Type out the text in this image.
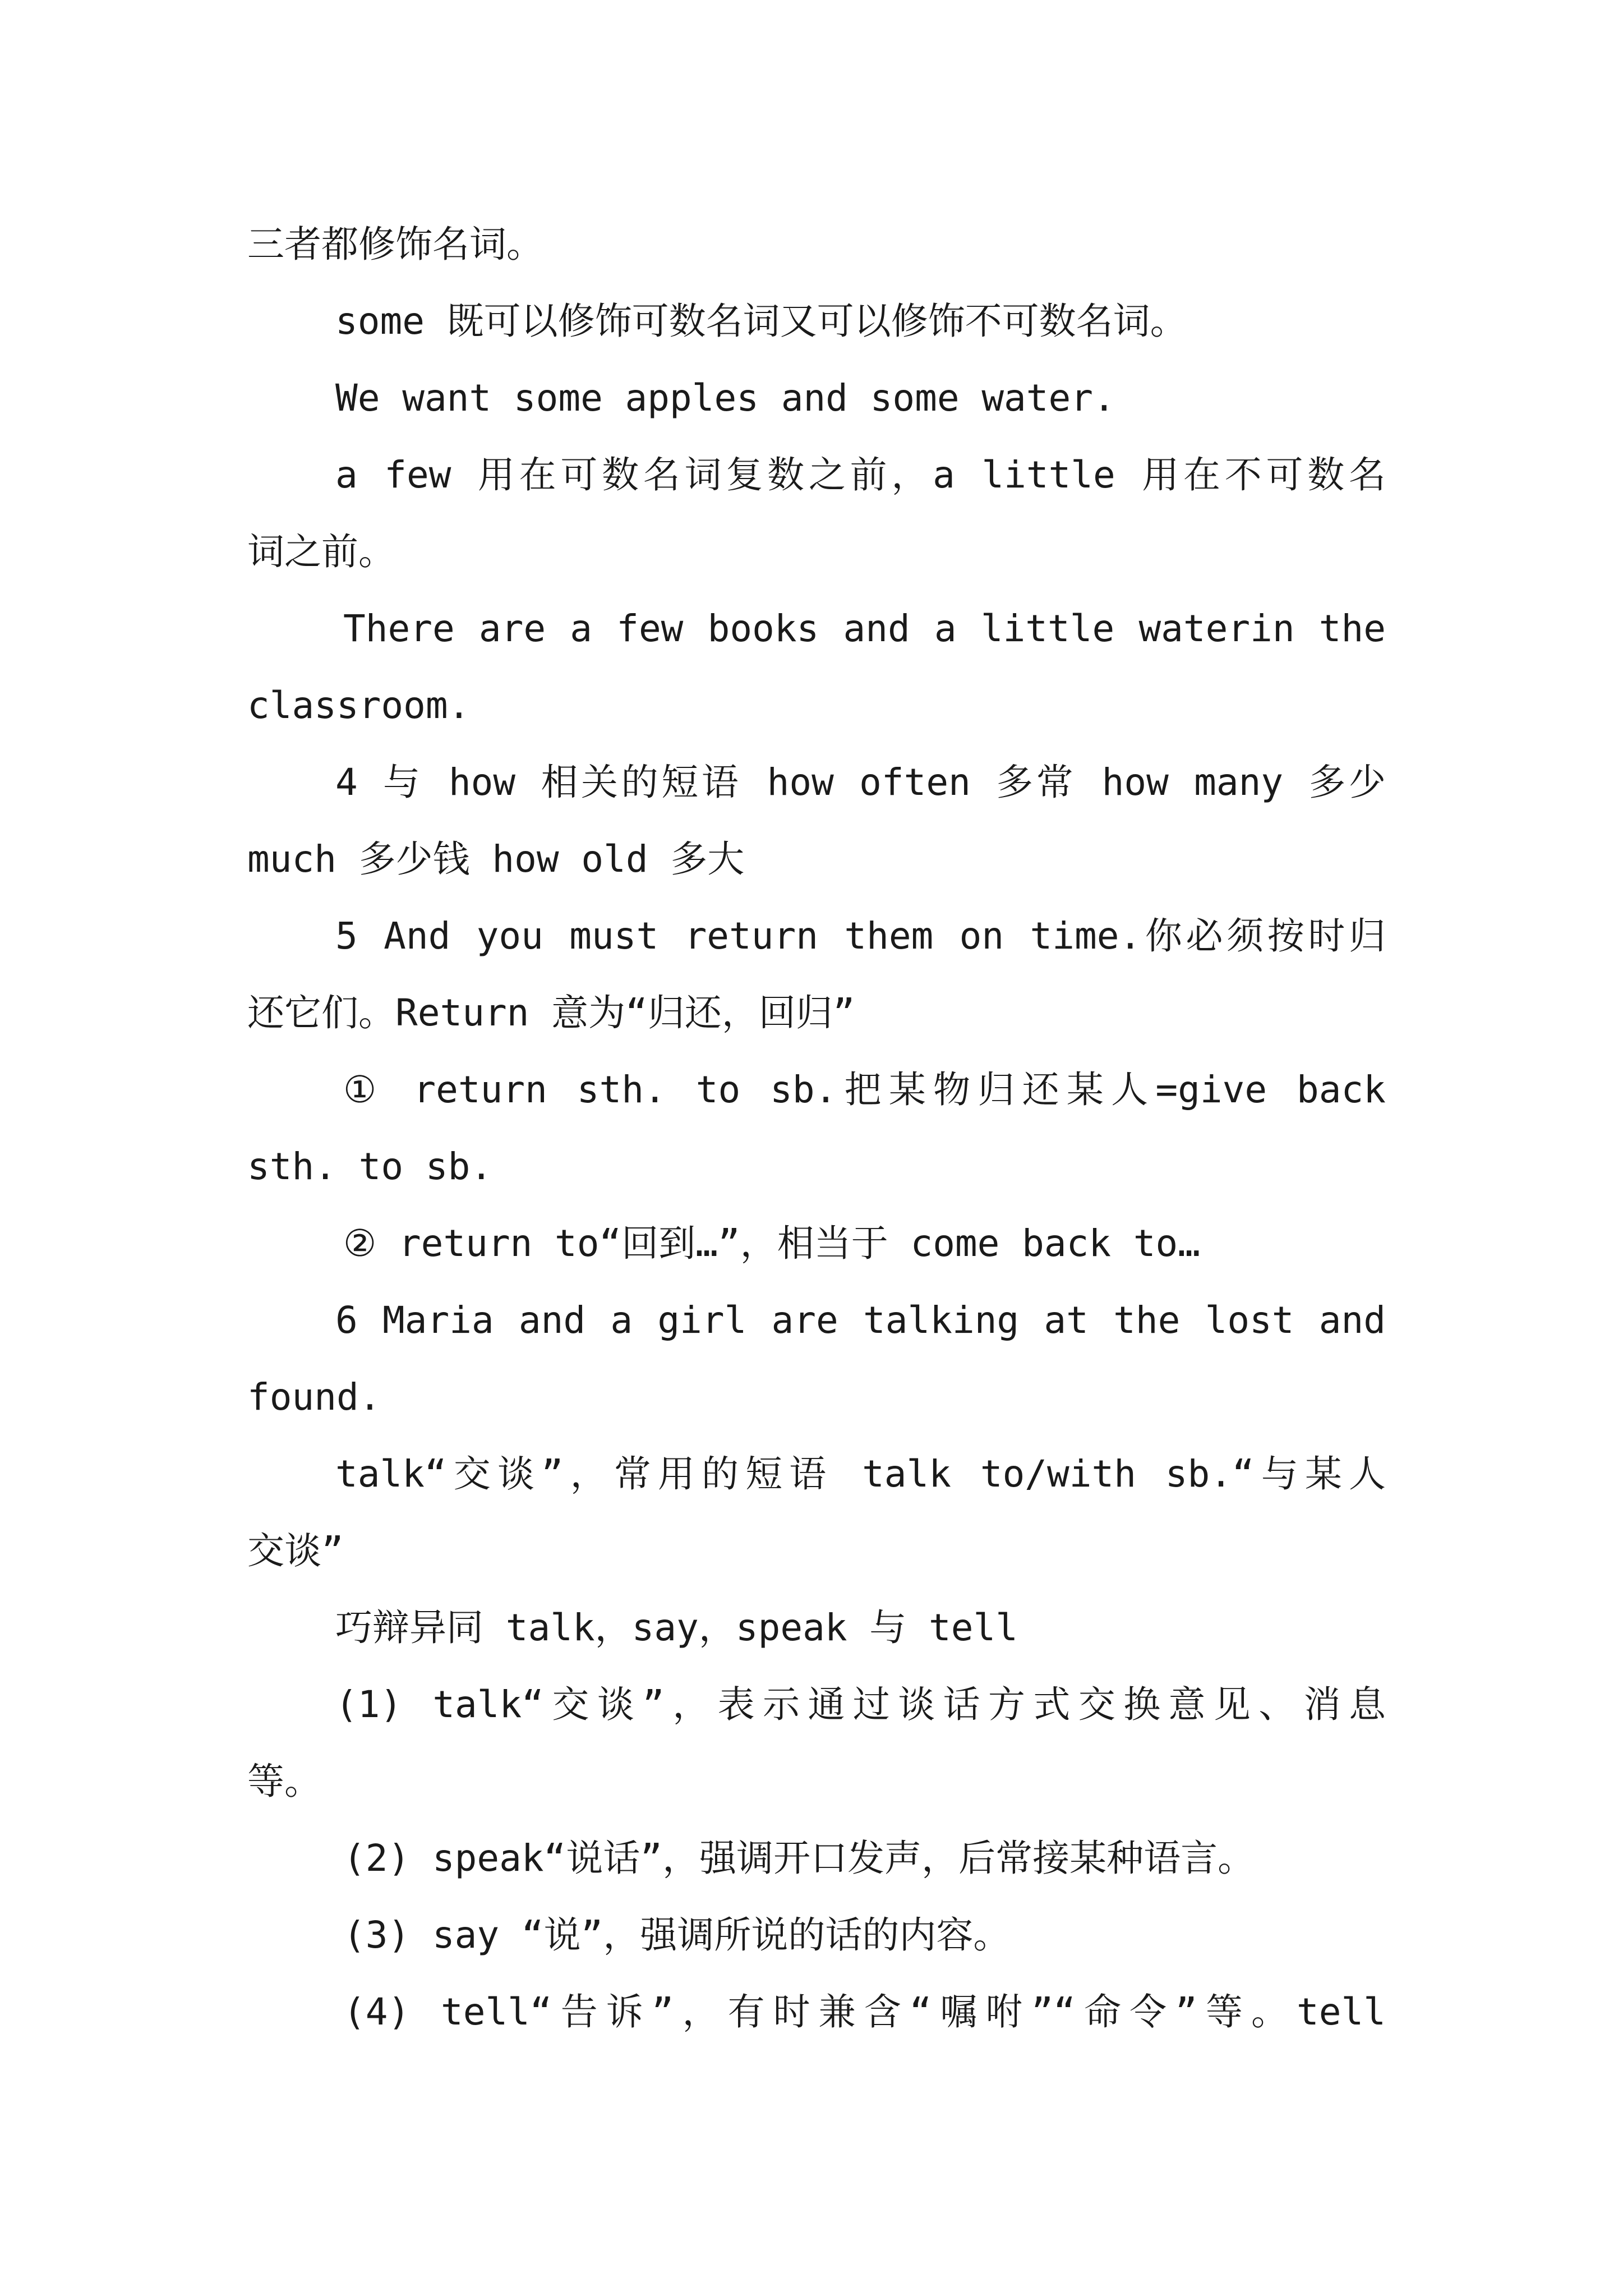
三者都修饰名词。
some 既可以修饰可数名词又可以修饰不可数名词。
We want some apples and some water.
a few 用在可数名词复数之前，a little 用在不可数名
词之前。
There are a few books and a little waterin the
classroom.
4 与 how 相关的短语 how often 多常 how many 多少
much 多少钱 how old 多大
5 And you must return them on time.你必须按时归
还它们。Return 意为“归还，回归”
① return sth. to sb.把某物归还某人=give back
sth. to sb.
② return to“回到…”，相当于 come back to…
6 Maria and a girl are talking at the lost and
found.
talk“交谈”，常用的短语 talk to/with sb.“与某人
交谈”
巧辩异同 talk，say，speak 与 tell
(1) talk“交谈”，表示通过谈话方式交换意见、消息
等。
(2) speak“说话”，强调开口发声，后常接某种语言。
(3) say “说”，强调所说的话的内容。
(4) tell“告诉”，有时兼含“嘱咐”“命令”等。tell
